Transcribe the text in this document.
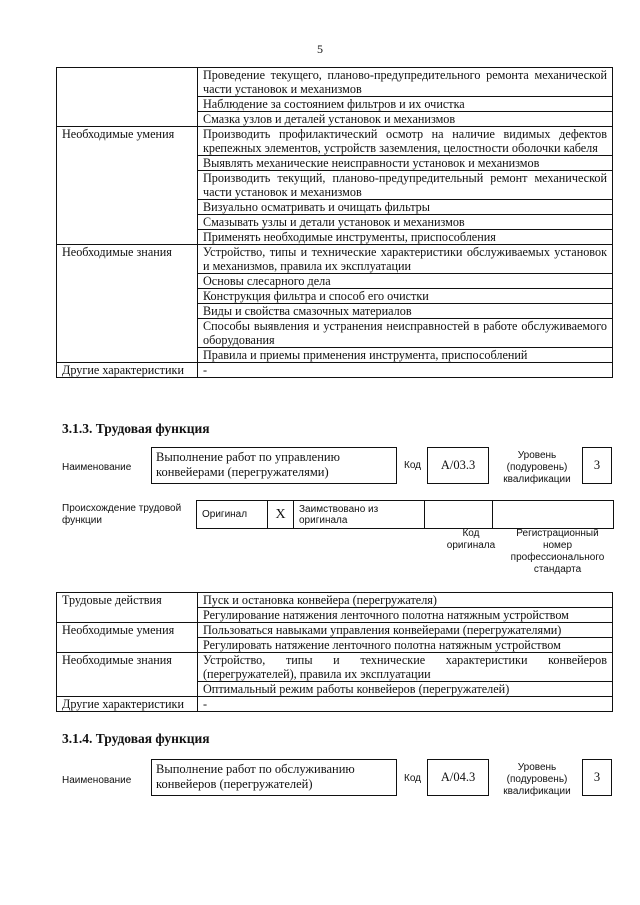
5
	Проведение текущего, планово-предупредительного ремонта механической части установок и механизмов
	Наблюдение за состоянием фильтров и их очистка
	Смазка узлов и деталей установок и механизмов
Необходимые умения	Производить профилактический осмотр на наличие видимых дефектов крепежных элементов, устройств заземления, целостности оболочки кабеля
	Выявлять механические неисправности установок и механизмов
	Производить текущий, планово-предупредительный ремонт механической части установок и механизмов
	Визуально осматривать и очищать фильтры
	Смазывать узлы и детали установок и механизмов
	Применять необходимые инструменты, приспособления
Необходимые знания	Устройство, типы и технические характеристики обслуживаемых установок и механизмов, правила их эксплуатации
	Основы слесарного дела
	Конструкция фильтра и способ его очистки
	Виды и свойства смазочных материалов
	Способы выявления и устранения неисправностей в работе обслуживаемого оборудования
	Правила и приемы применения инструмента, приспособлений
Другие характеристики	-
3.1.3. Трудовая функция
Наименование
Выполнение работ по управлению конвейерами (перегружателями)	Код	A/03.3
Уровень (подуровень) квалификации
3
Происхождение трудовой функции
Оригинал	X	Заимствовано из оригинала		
Код оригинала
Регистрационный номер профессионального стандарта
Трудовые действия	Пуск и остановка конвейера (перегружателя)
	Регулирование натяжения ленточного полотна натяжным устройством
Необходимые умения	Пользоваться навыками управления конвейерами (перегружателями)
	Регулировать натяжение ленточного полотна натяжным устройством
Необходимые знания	Устройство, типы и технические характеристики конвейеров (перегружателей), правила их эксплуатации
	Оптимальный режим работы конвейеров (перегружателей)
Другие характеристики	-
3.1.4. Трудовая функция
Наименование
Выполнение работ по обслуживанию конвейеров (перегружателей)	Код	A/04.3
Уровень (подуровень) квалификации
3
